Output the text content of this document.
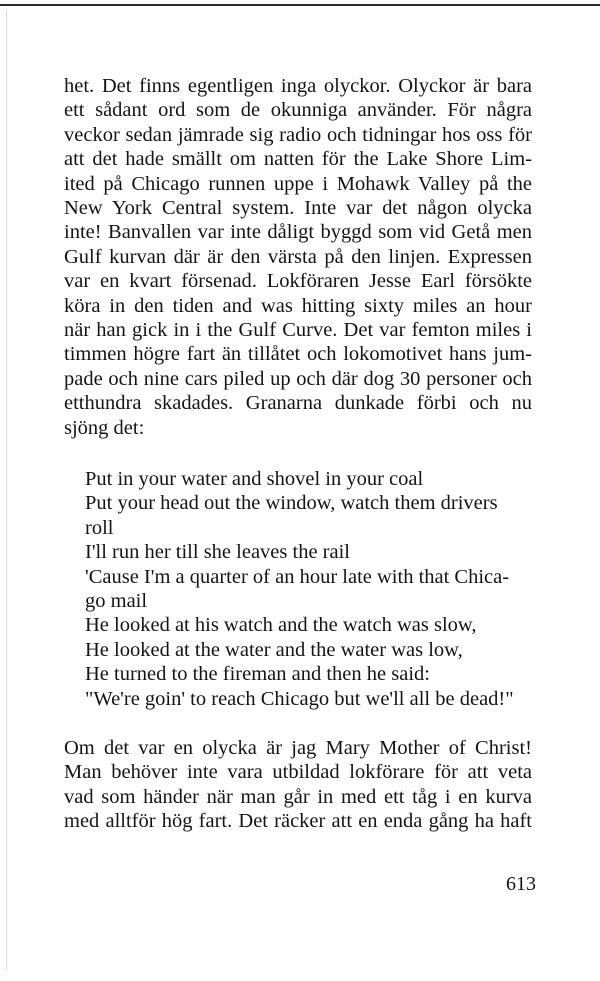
het. Det finns egentligen inga olyckor. Olyckor är bara
ett sådant ord som de okunniga använder. För några
veckor sedan jämrade sig radio och tidningar hos oss för
att det hade smällt om natten för the Lake Shore Lim-
ited på Chicago runnen uppe i Mohawk Valley på the
New York Central system. Inte var det någon olycka
inte! Banvallen var inte dåligt byggd som vid Getå men
Gulf kurvan där är den värsta på den linjen. Expressen
var en kvart försenad. Lokföraren Jesse Earl försökte
köra in den tiden and was hitting sixty miles an hour
när han gick in i the Gulf Curve. Det var femton miles i
timmen högre fart än tillåtet och lokomotivet hans jum-
pade och nine cars piled up och där dog 30 personer och
etthundra skadades. Granarna dunkade förbi och nu
sjöng det:
Put in your water and shovel in your coal
Put your head out the window, watch them drivers
roll
I'll run her till she leaves the rail
'Cause I'm a quarter of an hour late with that Chica-
go mail
He looked at his watch and the watch was slow,
He looked at the water and the water was low,
He turned to the fireman and then he said:
"We're goin' to reach Chicago but we'll all be dead!"
Om det var en olycka är jag Mary Mother of Christ!
Man behöver inte vara utbildad lokförare för att veta
vad som händer när man går in med ett tåg i en kurva
med alltför hög fart. Det räcker att en enda gång ha haft
613
